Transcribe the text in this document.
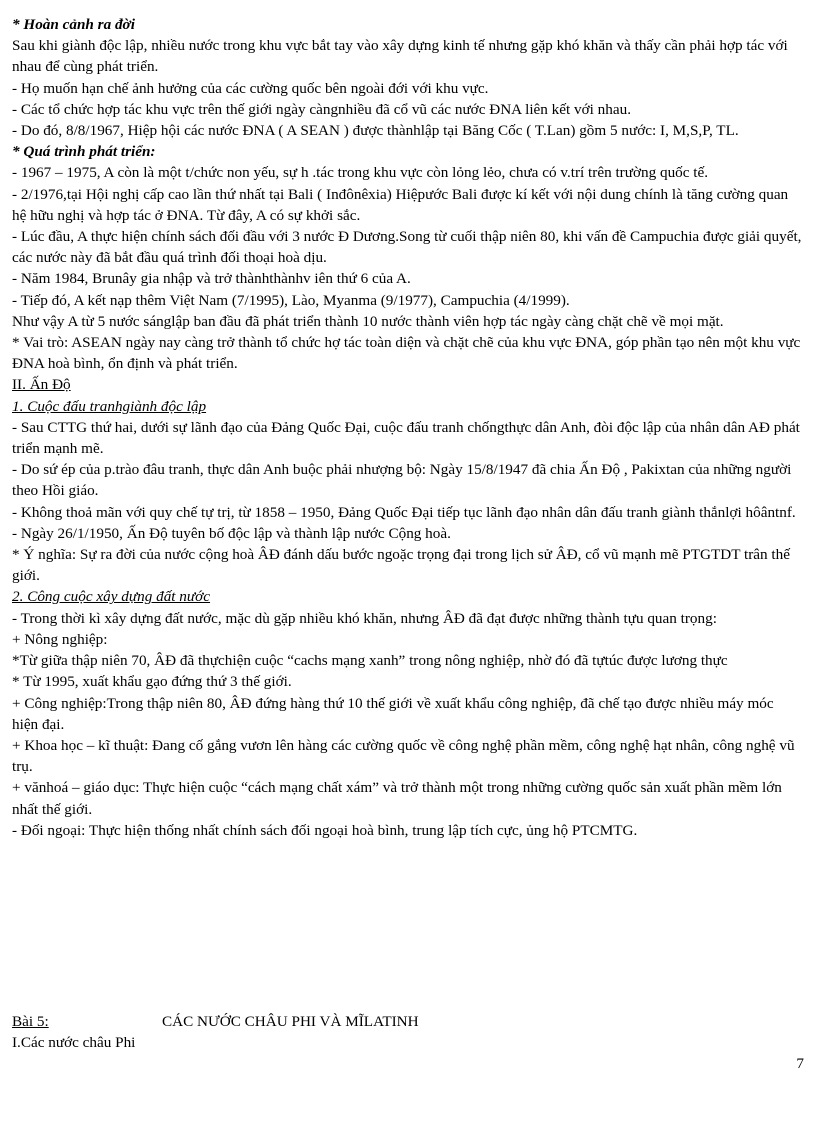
* Hoàn cảnh ra đời

Sau khi giành độc lập, nhiều nước trong khu vực bắt tay vào xây dựng kinh tế nhưng gặp khó khăn và thấy cần phải hợp tác với nhau để cùng phát triển.

- Họ muốn hạn chế ảnh hưởng của các cường quốc bên ngoài đới với khu vực.

- Các tổ chức hợp tác khu vực trên thế giới ngày càngnhiều đã cổ vũ các nước ĐNA liên kết với nhau.

- Do đó, 8/8/1967, Hiệp hội các nước ĐNA ( A SEAN ) được thànhlập tại Băng Cốc ( T.Lan) gồm 5 nước: I, M,S,P, TL.

* Quá trình phát triển:

- 1967 – 1975, A còn là một t/chức non yếu, sự h .tác trong khu vực còn lỏng lẻo, chưa có v.trí trên trường quốc tế.

- 2/1976,tại Hội nghị cấp cao lần thứ nhất tại Bali ( Inđônêxia) Hiệpước Bali được kí kết với nội dung chính là tăng cường quan hệ hữu nghị và hợp tác ở ĐNA. Từ đây, A có sự khởi sắc.

- Lúc đầu, A thực hiện chính sách đối đầu với 3 nước Đ Dương.Song từ cuối thập niên 80, khi vấn đề Campuchia được giải quyết, các nước này đã bắt đầu quá trình đối thoại hoà dịu.

- Năm 1984, Brunây gia nhập và trở thànhthànhv iên thứ 6 của A.

- Tiếp đó, A kết nạp thêm Việt Nam (7/1995), Lào, Myanma (9/1977), Campuchia (4/1999).

Như vậy A từ 5 nước sánglập ban đầu đã phát triển thành 10 nước thành viên hợp tác ngày càng chặt chẽ về mọi mặt.

* Vai trò: ASEAN ngày nay càng trở thành tổ chức hợ tác toàn diện và chặt chẽ của khu vực ĐNA, góp phần tạo nên một khu vực ĐNA hoà bình, ổn định và phát triển.

II. Ấn Độ

1. Cuộc đấu tranhgiành độc lập

- Sau CTTG thứ hai, dưới sự lãnh đạo của Đảng Quốc Đại, cuộc đấu tranh chốngthực dân Anh, đòi độc lập của nhân dân AĐ phát triển mạnh mẽ.

- Do sứ ép của p.trào đâu tranh, thực dân Anh buộc phải nhượng bộ: Ngày 15/8/1947 đã chia Ấn Độ , Pakixtan của những người theo Hồi giáo.

- Không thoả mãn với quy chế tự trị, từ 1858 – 1950, Đảng Quốc Đại tiếp tục lãnh đạo nhân dân đấu tranh giành thắnlợi hôântnf.

- Ngày 26/1/1950, Ấn Độ tuyên bố độc lập và thành lập nước Cộng hoà.

* Ý nghĩa: Sự ra đời của nước cộng hoà ÂĐ đánh dấu bước ngoặc trọng đại trong lịch sử ÂĐ, cổ vũ mạnh mẽ PTGTDT trân thế giới.

2. Công cuộc xây dựng đất nước

- Trong thời kì xây dựng đất nước, mặc dù gặp nhiều khó khăn, nhưng ÂĐ đã đạt được những thành tựu quan trọng:

+ Nông nghiệp:

*Từ giữa thập niên 70, ÂĐ đã thựchiện cuộc “cachs mạng xanh” trong nông nghiệp, nhờ đó đã tựtúc được lương thực

* Từ 1995, xuất khẩu gạo đứng thứ 3 thế giới.

+ Công nghiệp:Trong thập niên 80, ÂĐ đứng hàng thứ 10 thế giới về xuất khẩu công nghiệp, đã chế tạo được nhiều máy móc hiện đại.

+ Khoa học – kĩ thuật: Đang cố gắng vươn lên hàng các cường quốc về công nghệ phần mềm, công nghệ hạt nhân, công nghệ vũ trụ.

+ vănhoá – giáo dục: Thực hiện cuộc “cách mạng chất xám” và trở thành một trong những cường quốc sản xuất phần mềm lớn nhất thế giới.

- Đối ngoại: Thực hiện thống nhất chính sách đối ngoại hoà bình, trung lập tích cực, ủng hộ PTCMTG.

Bài 5:	CÁC NƯỚC CHÂU PHI VÀ MĨLATINH
I.Các nước châu Phi
7
